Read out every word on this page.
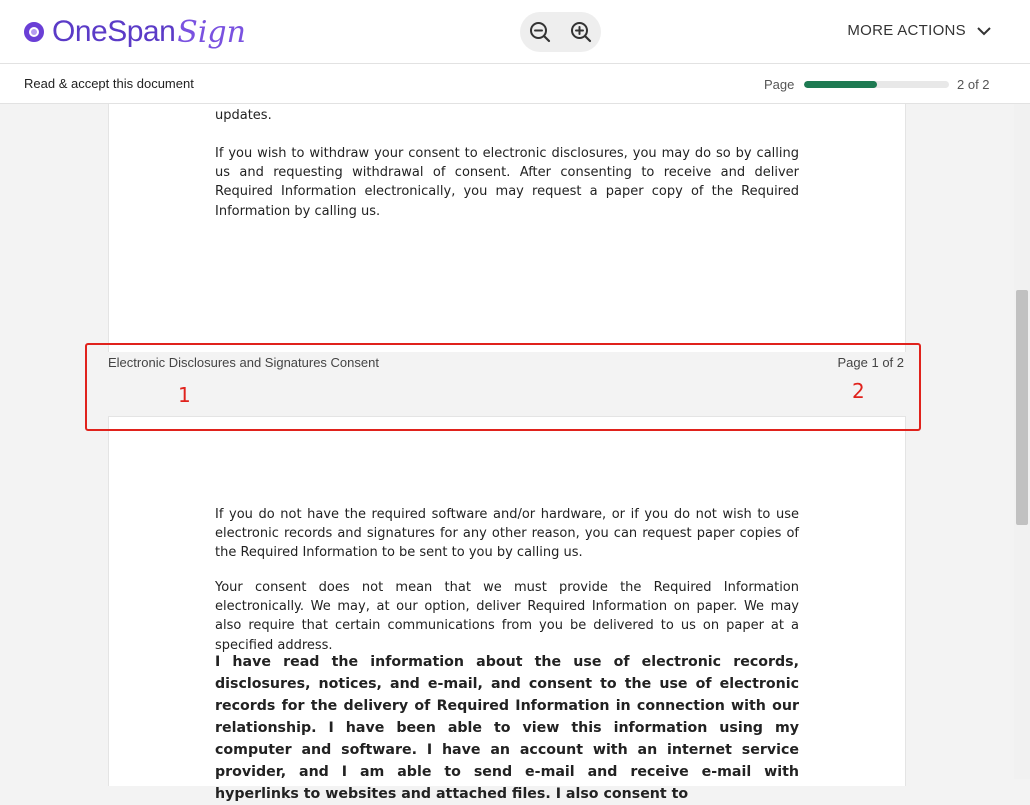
OneSpan Sign	MORE ACTIONS
Read & accept this document	Page	2 of 2

updates.

If you wish to withdraw your consent to electronic disclosures, you may do so by calling us and requesting withdrawal of consent. After consenting to receive and deliver Required Information electronically, you may request a paper copy of the Required Information by calling us.

Electronic Disclosures and Signatures Consent	Page 1 of 2

If you do not have the required software and/or hardware, or if you do not wish to use electronic records and signatures for any other reason, you can request paper copies of the Required Information to be sent to you by calling us.

Your consent does not mean that we must provide the Required Information electronically. We may, at our option, deliver Required Information on paper. We may also require that certain communications from you be delivered to us on paper at a specified address.

I have read the information about the use of electronic records, disclosures, notices, and e-mail, and consent to the use of electronic records for the delivery of Required Information in connection with our relationship. I have been able to view this information using my computer and software. I have an account with an internet service provider, and I am able to send e-mail and receive e-mail with hyperlinks to websites and attached files. I also consent to

1	2
